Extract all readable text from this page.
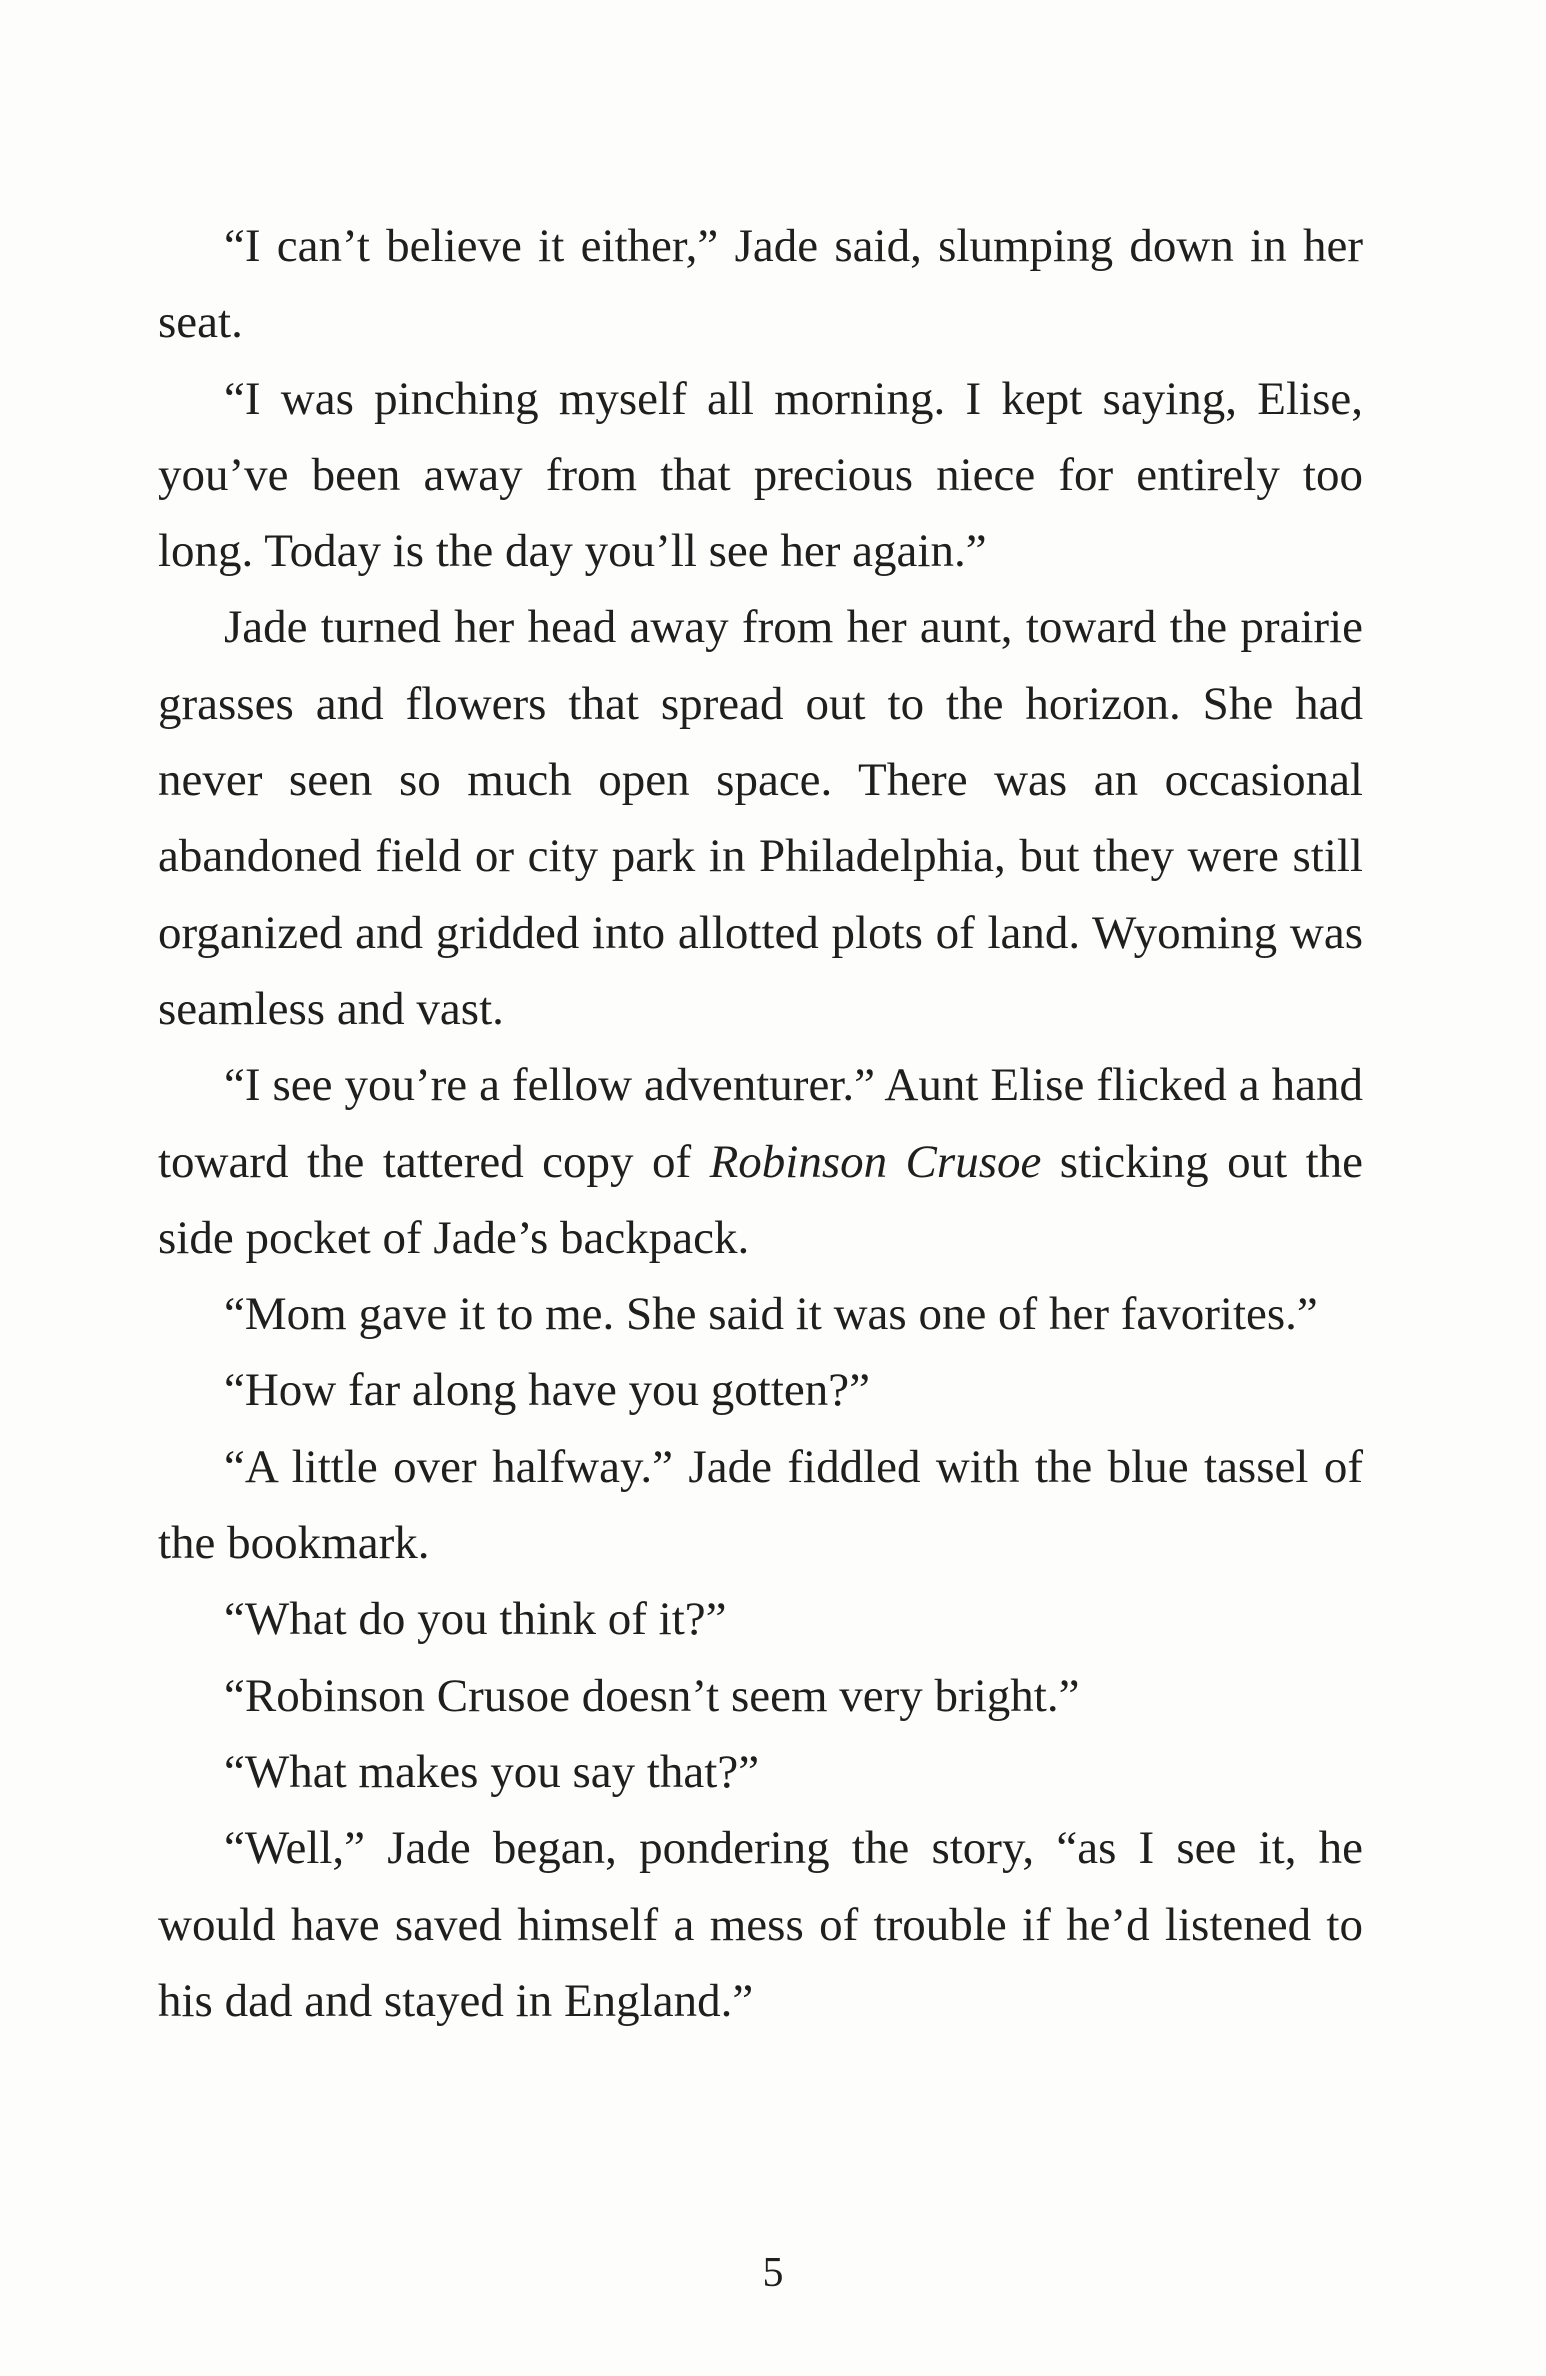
“I can’t believe it either,” Jade said, slumping down in her seat.

“I was pinching myself all morning. I kept saying, Elise, you’ve been away from that precious niece for entirely too long. Today is the day you’ll see her again.”

Jade turned her head away from her aunt, toward the prairie grasses and flowers that spread out to the horizon. She had never seen so much open space. There was an occasional abandoned field or city park in Philadelphia, but they were still organized and gridded into allotted plots of land. Wyoming was seamless and vast.

“I see you’re a fellow adventurer.” Aunt Elise flicked a hand toward the tattered copy of Robinson Crusoe sticking out the side pocket of Jade’s backpack.

“Mom gave it to me. She said it was one of her favorites.”

“How far along have you gotten?”

“A little over halfway.” Jade fiddled with the blue tassel of the bookmark.

“What do you think of it?”

“Robinson Crusoe doesn’t seem very bright.”

“What makes you say that?”

“Well,” Jade began, pondering the story, “as I see it, he would have saved himself a mess of trouble if he’d listened to his dad and stayed in England.”

5
